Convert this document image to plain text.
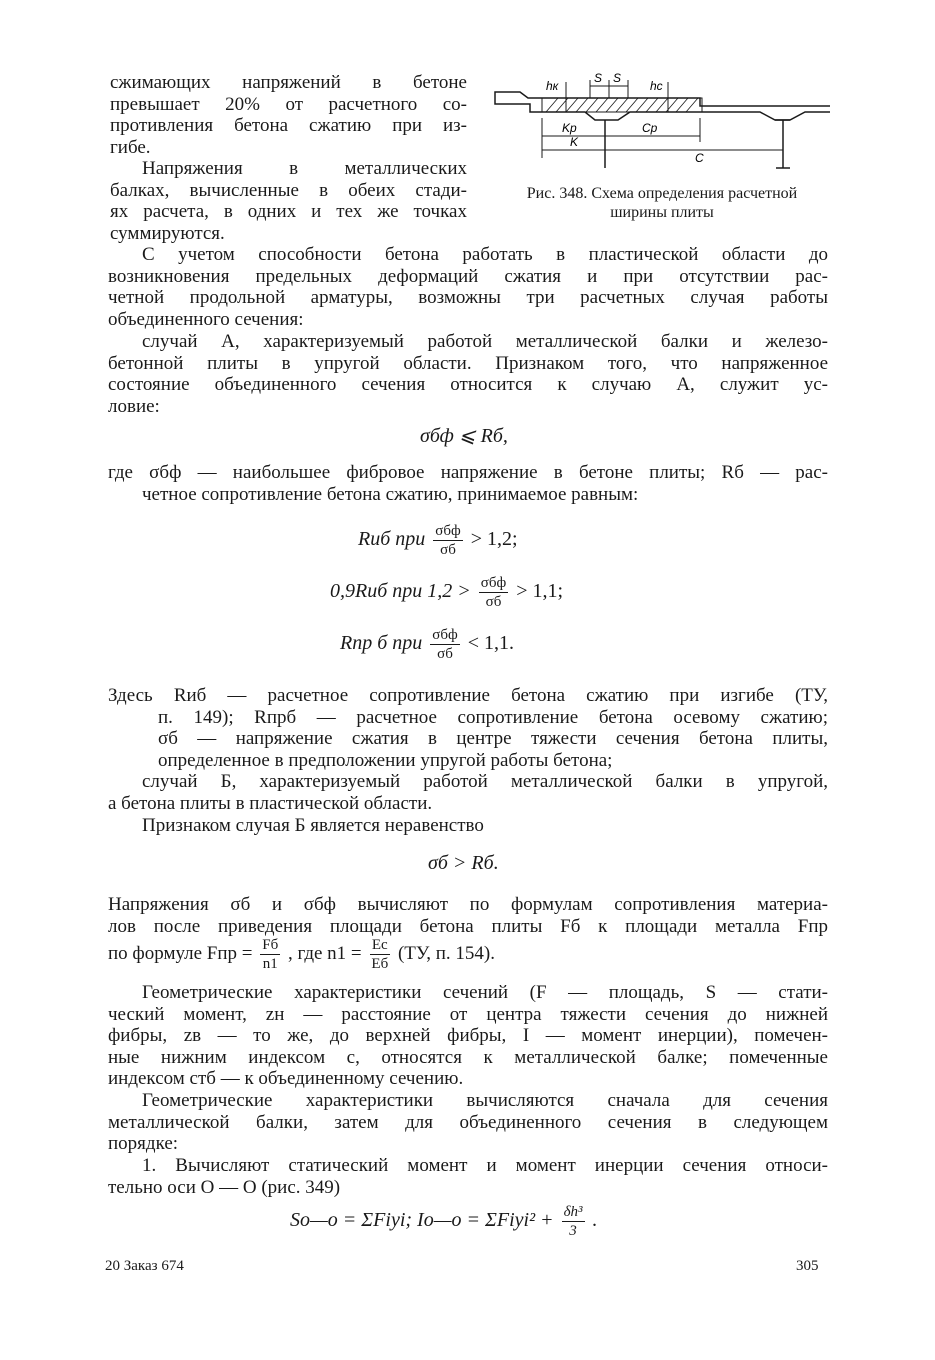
сжимающих напряжений в бетоне
превышает 20% от расчетного со-
противления бетона сжатию при из-
гибе.
Напряжения в металлических
балках, вычисленные в обеих стади-
ях расчета, в одних и тех же точках
суммируются.
hк
S S
hc
Kр	Cр
K
C
Рис. 348. Схема определения расчетной
ширины плиты
С учетом способности бетона работать в пластической области до
возникновения предельных деформаций сжатия и при отсутствии рас-
четной продольной арматуры, возможны три расчетных случая работы
объединенного сечения:
случай А, характеризуемый работой металлической балки и железо-
бетонной плиты в упругой области. Признаком того, что напряженное
состояние объединенного сечения относится к случаю А, служит ус-
ловие:
σбф ⩽ Rб,
где σбф — наибольшее фибровое напряжение в бетоне плиты; Rб — рас-
четное сопротивление бетона сжатию, принимаемое равным:
Rиб при $\frac{\text{σбф}}{\sigma б} > 1,2$;
0,9Rиб при $1,2 > \frac{\text{σбф}}{\sigma б} > 1,1$;
Rпр б при $\frac{\text{σбф}}{\sigma б} < 1,1$.
Здесь Rиб — расчетное сопротивление бетона сжатию при изгибе (ТУ,
п. 149); Rпрб — расчетное сопротивление бетона осевому сжатию;
σб — напряжение сжатия в центре тяжести сечения бетона плиты,
определенное в предположении упругой работы бетона;
случай Б, характеризуемый работой металлической балки в упругой,
а бетона плиты в пластической области.
Признаком случая Б является неравенство
σб > Rб.
Напряжения σб и σбф вычисляют по формулам сопротивления материа-
лов после приведения площади бетона плиты Fб к площади металла Fпр
по формуле Fпр = $\frac{Fб}{n1}$ , где $n1 = \frac{Eс}{Eб} (ТУ$, п. 154).
Геометрические характеристики сечений (F — площадь, S — стати-
ческий момент, zн — расстояние от центра тяжести сечения до нижней
фибры, zв — то же, до верхней фибры, I — момент инерции), помечен-
ные нижним индексом с, относятся к металлической балке; помеченные
индексом стб — к объединенному сечению.
Геометрические характеристики вычисляются сначала для сечения
металлической балки, затем для объединенного сечения в следующем
порядке:
1. Вычисляют статический момент и момент инерции сечения относи-
тельно оси О — О (рис. 349)
So—o = ΣFiyi; Io—o = ΣFiyi² + $\frac{\text{δh³}}{3}$ .
20 Заказ 674	305
